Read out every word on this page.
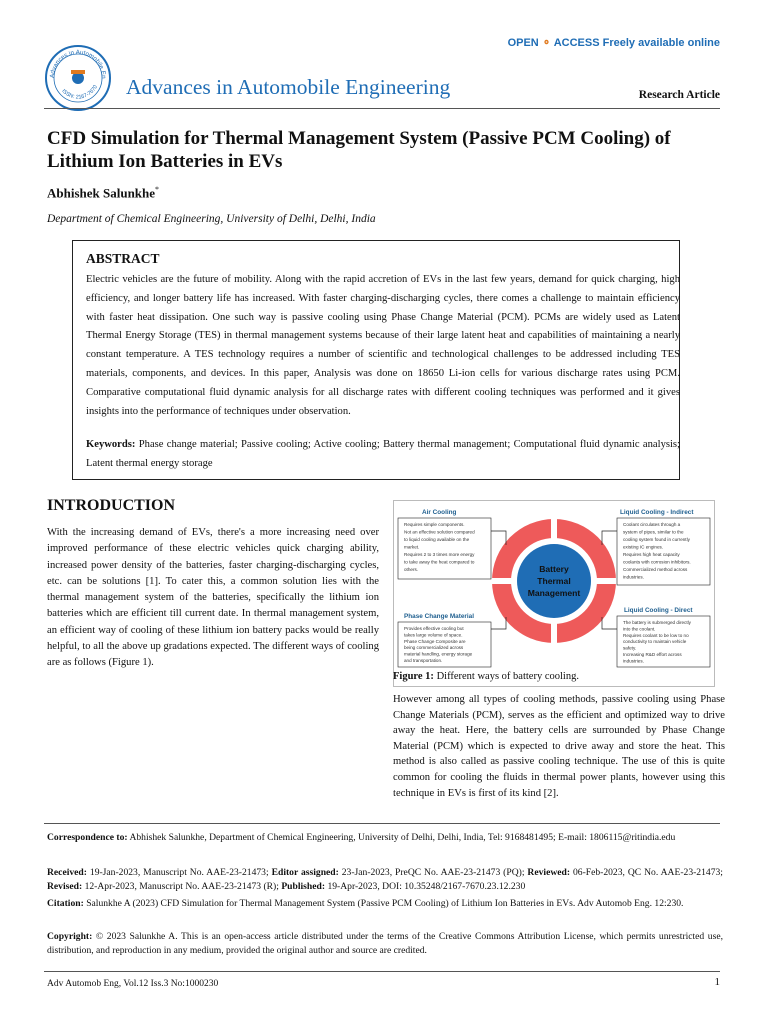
Advances in Automobile En
ISSN: 2167-7670
OPEN ⚬ ACCESS Freely available online
Advances in Automobile Engineering	Research Article
CFD Simulation for Thermal Management System (Passive PCM Cooling) of Lithium Ion Batteries in EVs
Abhishek Salunkhe*
Department of Chemical Engineering, University of Delhi, Delhi, India
ABSTRACT
Electric vehicles are the future of mobility. Along with the rapid accretion of EVs in the last few years, demand for quick charging, high efficiency, and longer battery life has increased. With faster charging-discharging cycles, there comes a challenge to maintain efficiency with faster heat dissipation. One such way is passive cooling using Phase Change Material (PCM). PCMs are widely used as Latent Thermal Energy Storage (TES) in thermal management systems because of their large latent heat and capabilities of maintaining a nearly constant temperature. A TES technology requires a number of scientific and technological challenges to be addressed including TES materials, components, and devices. In this paper, Analysis was done on 18650 Li-ion cells for various discharge rates using PCM. Comparative computational fluid dynamic analysis for all discharge rates with different cooling techniques was performed and it gives insights into the performance of techniques under observation.
Keywords: Phase change material; Passive cooling; Active cooling; Battery thermal management; Computational fluid dynamic analysis; Latent thermal energy storage
INTRODUCTION
With the increasing demand of EVs, there's a more increasing need over improved performance of these electric vehicles quick charging ability, increased power density of the batteries, faster charging-discharging cycles, etc. can be solutions [1]. To cater this, a common solution lies with the thermal management system of the batteries, specifically the lithium ion batteries which are efficient till current date. In thermal management system, an efficient way of cooling of these lithium ion battery packs would be really helpful, to all the above up gradations expected. The different ways of cooling are as follows (Figure 1).
Battery
Thermal
Management
Air Cooling
Requires simple components.
Not an effective solution compared
to liquid cooling available on the
market.
Requires 2 to 3 times more energy
to take away the heat compared to
others.
Liquid Cooling - Indirect
Coolant circulates through a
system of pipes, similar to the
cooling system found in currently
existing IC engines.
Requires high heat capacity
coolants with corrosion inhibitors.
Commercialized method across
industries.
Phase Change Material
Provides effective cooling but
takes large volume of space.
Phase Change Composite are
being commercialized across
material handling, energy storage
and transportation.
Liquid Cooling - Direct
The battery is submerged directly
into the coolant.
Requires coolant to be low to no
conductivity to maintain vehicle
safety.
Increasing R&D effort across
industries.
Figure 1: Different ways of battery cooling.
However among all types of cooling methods, passive cooling using Phase Change Materials (PCM), serves as the efficient and optimized way to drive away the heat. Here, the battery cells are surrounded by Phase Change Material (PCM) which is expected to drive away and store the heat. This method is also called as passive cooling technique. The use of this is quite common for cooling the fluids in thermal power plants, however using this technique in EVs is first of its kind [2].
Correspondence to: Abhishek Salunkhe, Department of Chemical Engineering, University of Delhi, Delhi, India, Tel: 9168481495; E-mail: 1806115@ritindia.edu
Received: 19-Jan-2023, Manuscript No. AAE-23-21473; Editor assigned: 23-Jan-2023, PreQC No. AAE-23-21473 (PQ); Reviewed: 06-Feb-2023, QC No. AAE-23-21473; Revised: 12-Apr-2023, Manuscript No. AAE-23-21473 (R); Published: 19-Apr-2023, DOI: 10.35248/2167-7670.23.12.230
Citation: Salunkhe A (2023) CFD Simulation for Thermal Management System (Passive PCM Cooling) of Lithium Ion Batteries in EVs. Adv Automob Eng. 12:230.
Copyright: © 2023 Salunkhe A. This is an open-access article distributed under the terms of the Creative Commons Attribution License, which permits unrestricted use, distribution, and reproduction in any medium, provided the original author and source are credited.
Adv Automob Eng, Vol.12 Iss.3 No:1000230	1
